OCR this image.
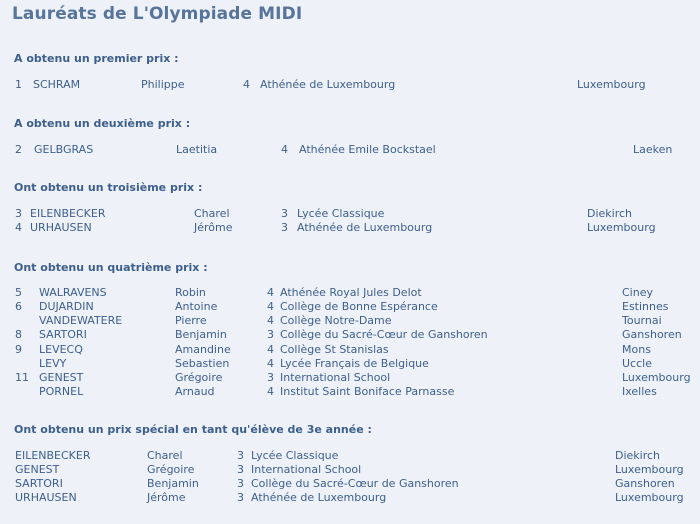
Lauréats de L'Olympiade MIDI
A obtenu un premier prix :
1 SCHRAM	Philippe	4 Athénée de Luxembourg	Luxembourg
A obtenu un deuxième prix :
2 GELBGRAS	Laetitia	4 Athénée Emile Bockstael	Laeken
Ont obtenu un troisième prix :
3 EILENBECKER	Charel	3 Lycée Classique	Diekirch
4 URHAUSEN	Jérôme	3 Athénée de Luxembourg	Luxembourg
Ont obtenu un quatrième prix :
5 WALRAVENS	Robin	4 Athénée Royal Jules Delot	Ciney
6 DUJARDIN	Antoine	4 Collège de Bonne Espérance	Estinnes
VANDEWATERE	Pierre	4 Collège Notre-Dame	Tournai
8 SARTORI	Benjamin	3 Collège du Sacré-Cœur de Ganshoren	Ganshoren
9 LEVECQ	Amandine	4 Collège St Stanislas	Mons
LEVY	Sebastien	4 Lycée Français de Belgique	Uccle
11 GENEST	Grégoire	3 International School	Luxembourg
PORNEL	Arnaud	4 Institut Saint Boniface Parnasse	Ixelles
Ont obtenu un prix spécial en tant qu'élève de 3e année :
EILENBECKER	Charel	3 Lycée Classique	Diekirch
GENEST	Grégoire	3 International School	Luxembourg
SARTORI	Benjamin	3 Collège du Sacré-Cœur de Ganshoren	Ganshoren
URHAUSEN	Jérôme	3 Athénée de Luxembourg	Luxembourg
